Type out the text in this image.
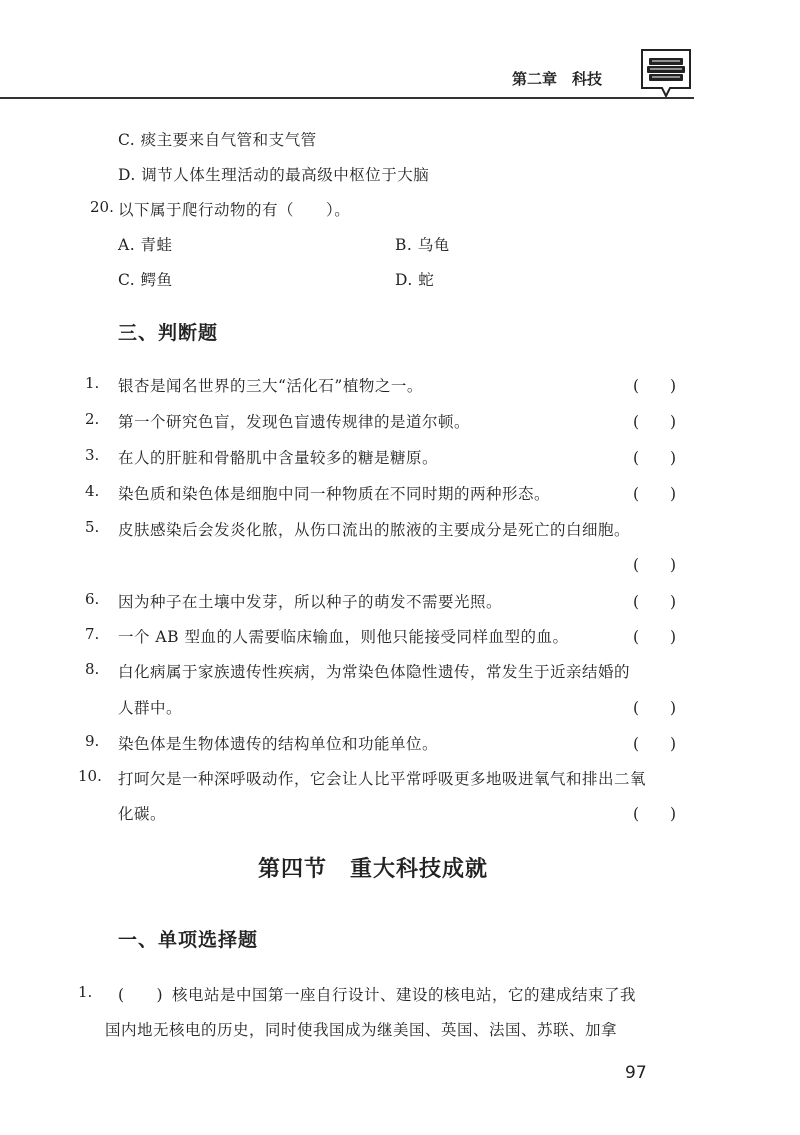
第二章　科技
C. 痰主要来自气管和支气管
D. 调节人体生理活动的最高级中枢位于大脑
20. 以下属于爬行动物的有（　　）。
A. 青蛙	B. 乌龟
C. 鳄鱼	D. 蛇
三、判断题
1. 银杏是闻名世界的三大“活化石”植物之一。	(　　)
2. 第一个研究色盲，发现色盲遗传规律的是道尔顿。	(　　)
3. 在人的肝脏和骨骼肌中含量较多的糖是糖原。	(　　)
4. 染色质和染色体是细胞中同一种物质在不同时期的两种形态。	(　　)
5. 皮肤感染后会发炎化脓，从伤口流出的脓液的主要成分是死亡的白细胞。
(　　)
6. 因为种子在土壤中发芽，所以种子的萌发不需要光照。	(　　)
7. 一个 AB 型血的人需要临床输血，则他只能接受同样血型的血。	(　　)
8. 白化病属于家族遗传性疾病，为常染色体隐性遗传，常发生于近亲结婚的
人群中。	(　　)
9. 染色体是生物体遗传的结构单位和功能单位。	(　　)
10. 打呵欠是一种深呼吸动作，它会让人比平常呼吸更多地吸进氧气和排出二氧
化碳。	(　　)
第四节　重大科技成就
一、单项选择题
1. (　　) 核电站是中国第一座自行设计、建设的核电站，它的建成结束了我
国内地无核电的历史，同时使我国成为继美国、英国、法国、苏联、加拿
97
